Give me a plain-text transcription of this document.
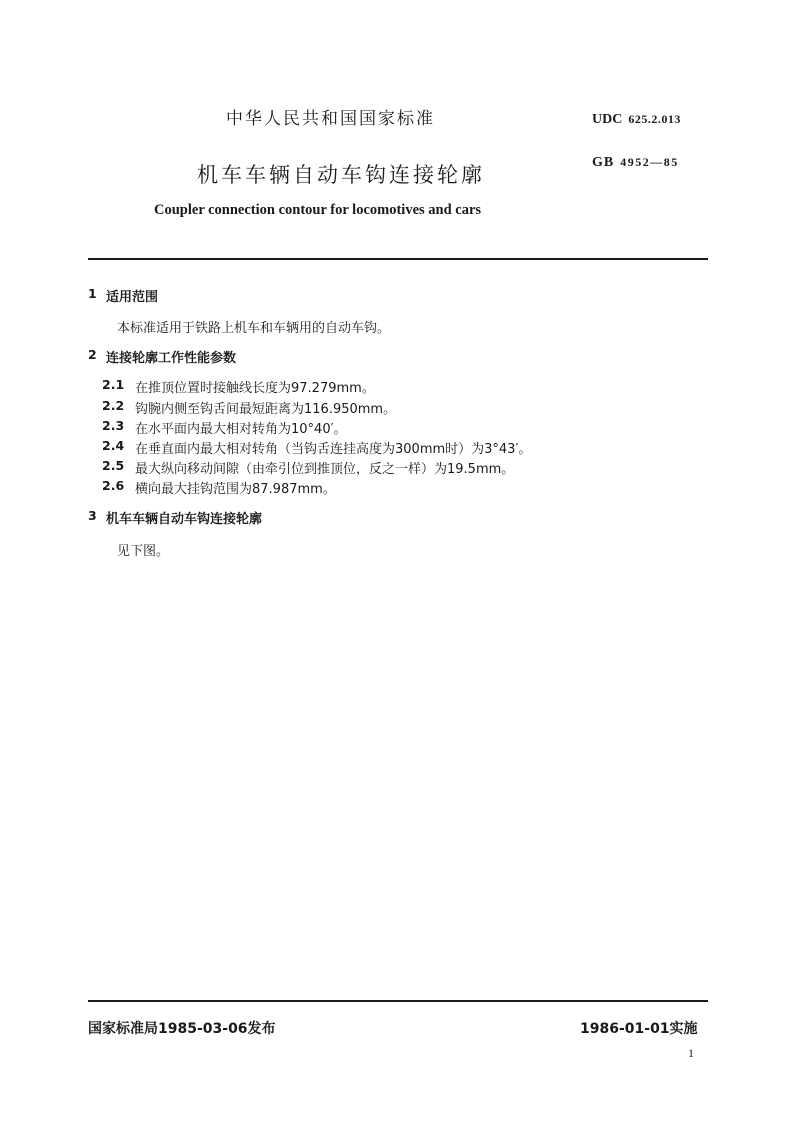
中华人民共和国国家标准	UDC 625.2.013
GB 4952—85
机车车辆自动车钩连接轮廓
Coupler connection contour for locomotives and cars
1 适用范围
本标准适用于铁路上机车和车辆用的自动车钩。
2 连接轮廓工作性能参数
2.1 在推顶位置时接触线长度为97.279mm。
2.2 钩腕内侧至钩舌间最短距离为116.950mm。
2.3 在水平面内最大相对转角为10°40′。
2.4 在垂直面内最大相对转角（当钩舌连挂高度为300mm时）为3°43′。
2.5 最大纵向移动间隙（由牵引位到推顶位，反之一样）为19.5mm。
2.6 横向最大挂钩范围为87.987mm。
3 机车车辆自动车钩连接轮廓
见下图。
国家标准局1985-03-06发布	1986-01-01实施
1
